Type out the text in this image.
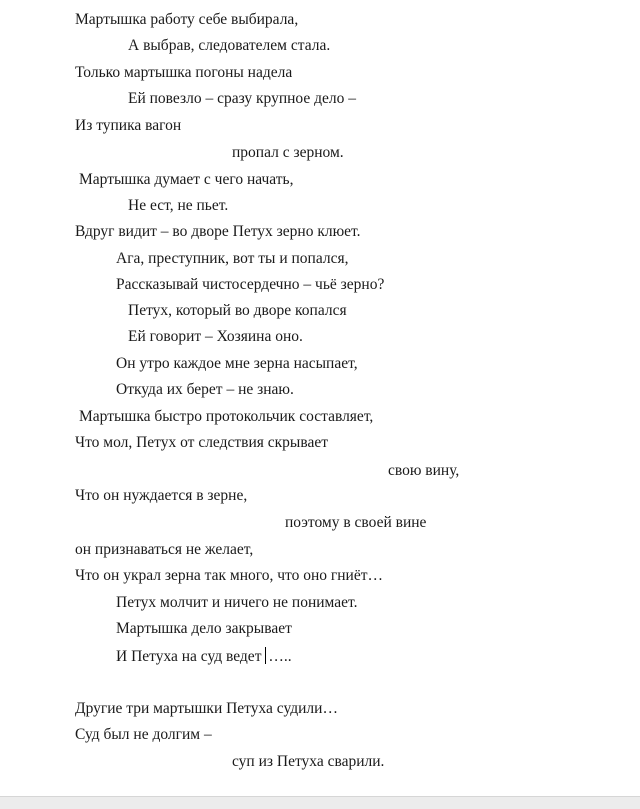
Мартышка работу себе выбирала,
А выбрав, следователем стала.
Только мартышка погоны надела
Ей повезло – сразу крупное дело –
Из тупика вагон
пропал с зерном.
Мартышка думает с чего начать,
Не ест, не пьет.
Вдруг видит – во дворе Петух зерно клюет.
Ага, преступник, вот ты и попался,
Рассказывай чистосердечно – чьё зерно?
Петух, который во дворе копался
Ей говорит – Хозяина оно.
Он утро каждое мне зерна насыпает,
Откуда их берет – не знаю.
Мартышка быстро протокольчик составляет,
Что мол, Петух от следствия скрывает
свою вину,
Что он нуждается в зерне,
поэтому в своей вине
он признаваться не желает,
Что он украл зерна так много, что оно гниёт…
Петух молчит и ничего не понимает.
Мартышка дело закрывает
И Петуха на суд ведет …..
Другие три мартышки Петуха судили…
Суд был не долгим –
суп из Петуха сварили.
